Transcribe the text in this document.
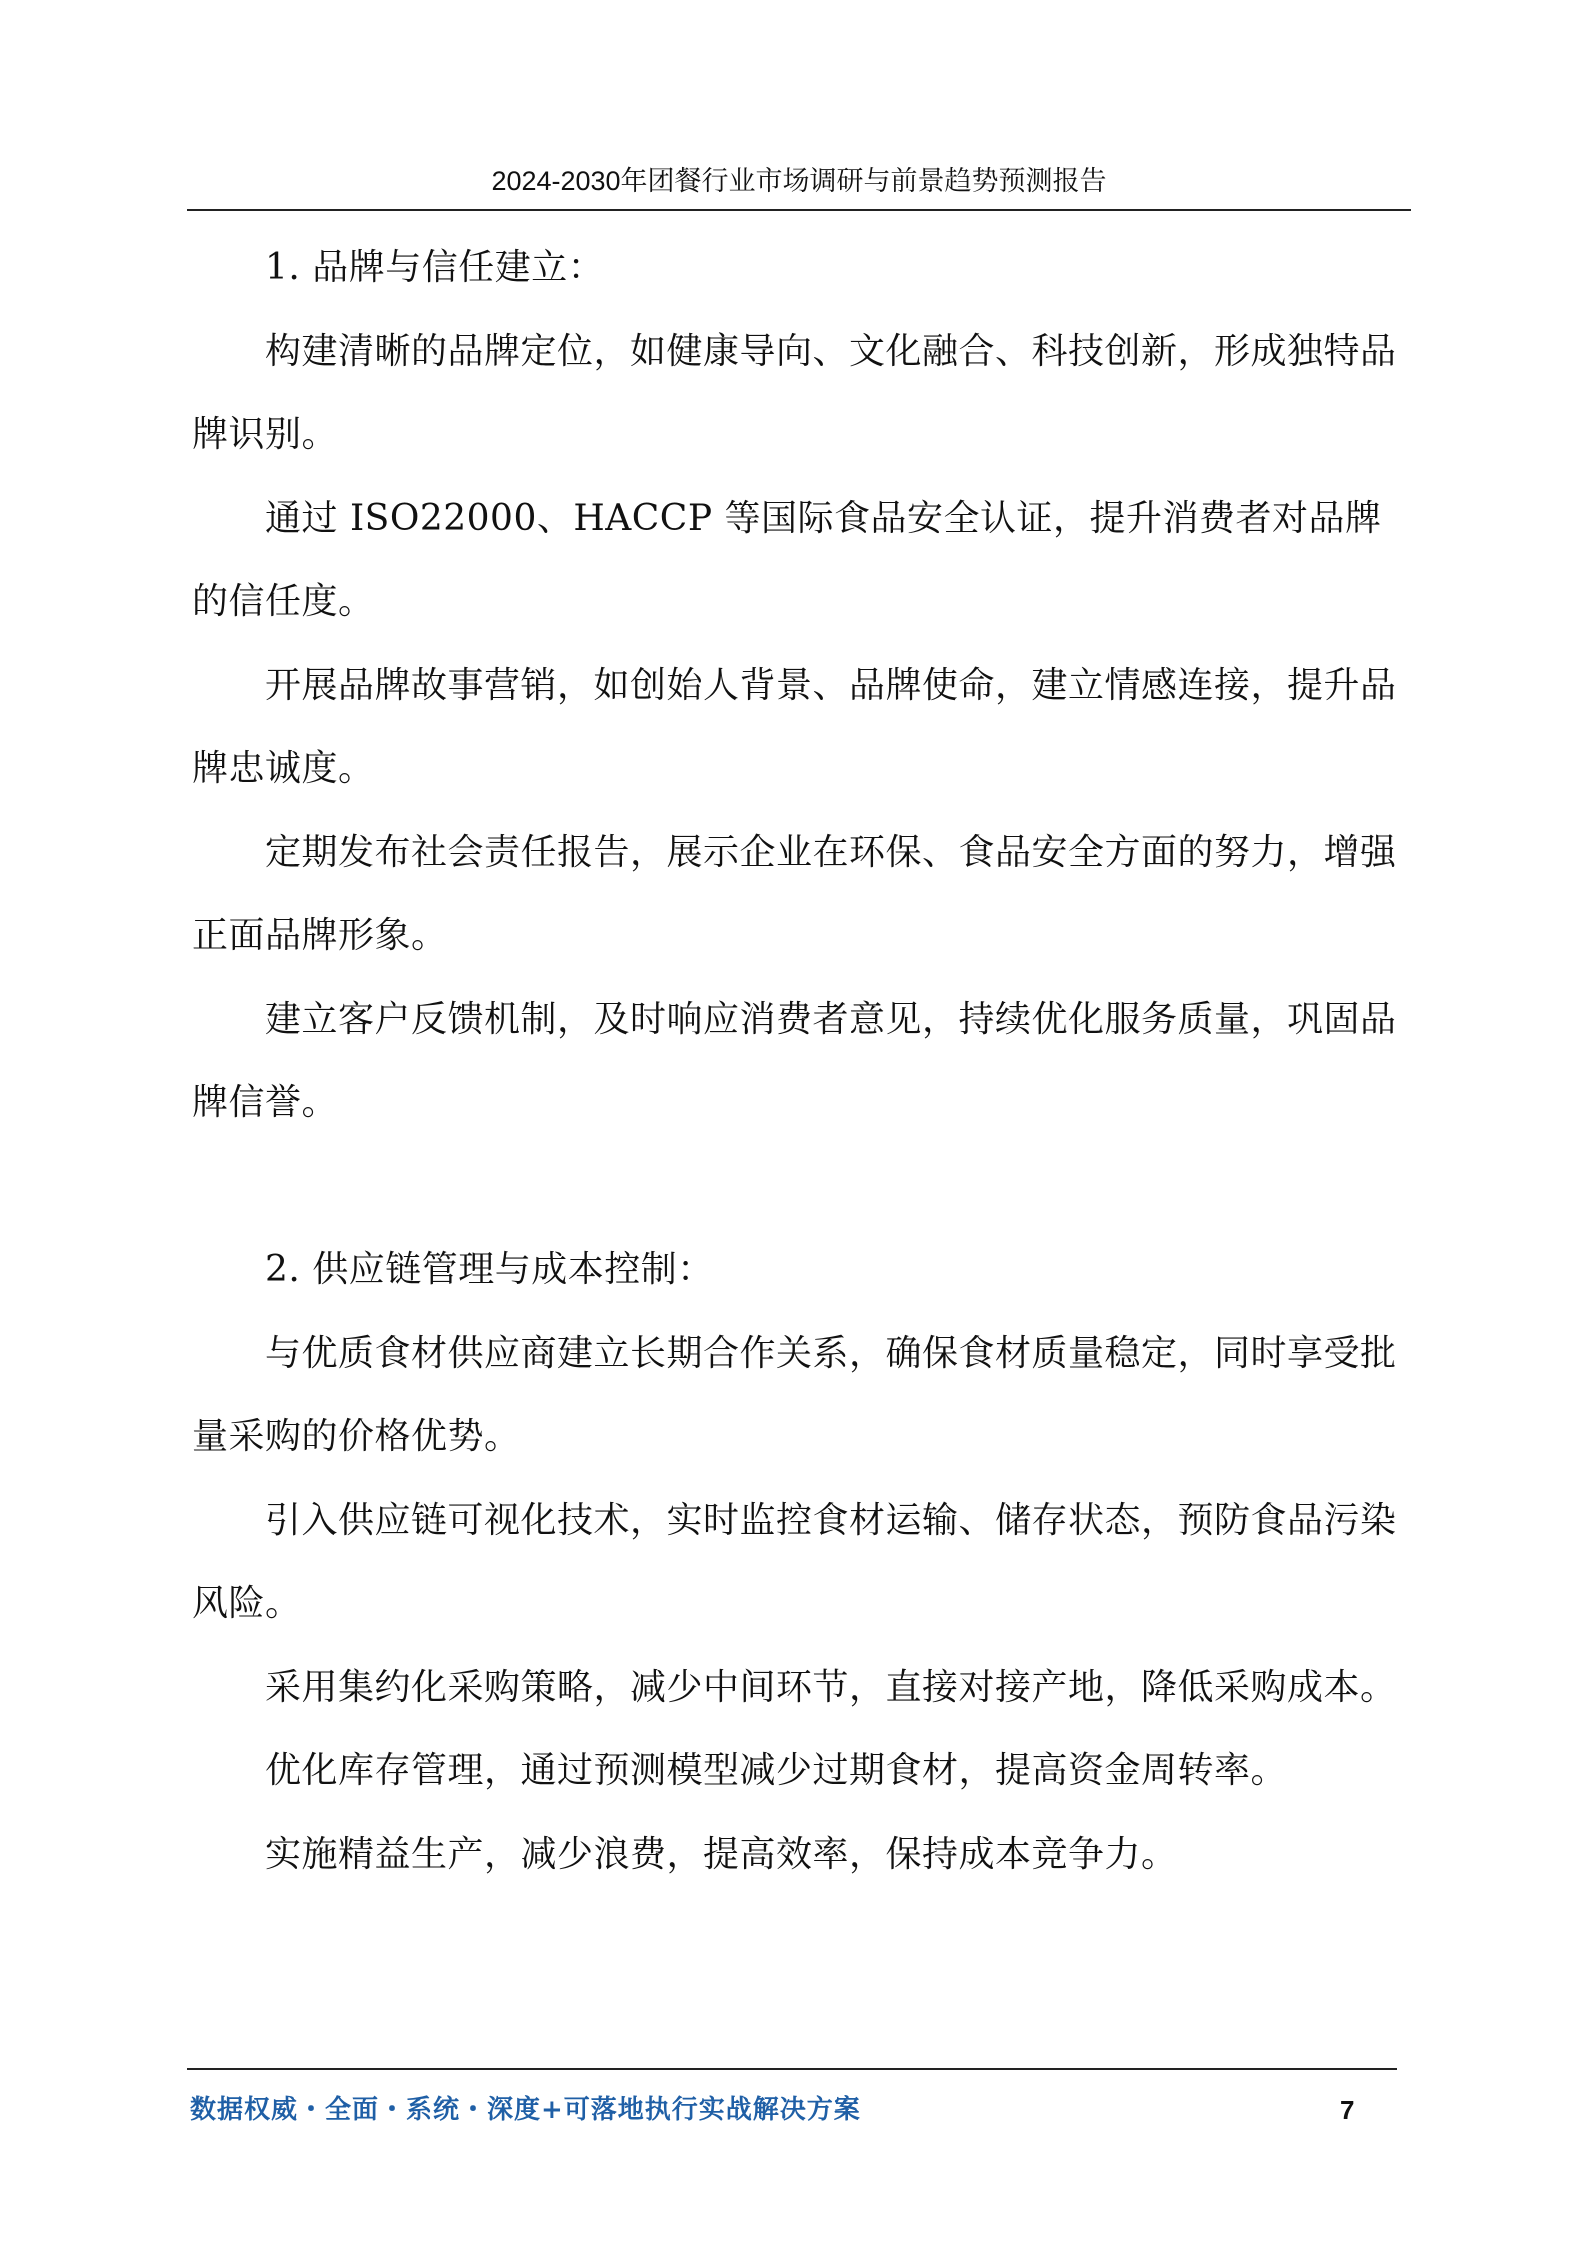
2024-2030年团餐行业市场调研与前景趋势预测报告

1. 品牌与信任建立：

构建清晰的品牌定位，如健康导向、文化融合、科技创新，形成独特品牌识别。

通过 ISO22000、HACCP 等国际食品安全认证，提升消费者对品牌的信任度。

开展品牌故事营销，如创始人背景、品牌使命，建立情感连接，提升品牌忠诚度。

定期发布社会责任报告，展示企业在环保、食品安全方面的努力，增强正面品牌形象。

建立客户反馈机制，及时响应消费者意见，持续优化服务质量，巩固品牌信誉。

2. 供应链管理与成本控制：

与优质食材供应商建立长期合作关系，确保食材质量稳定，同时享受批量采购的价格优势。

引入供应链可视化技术，实时监控食材运输、储存状态，预防食品污染风险。

采用集约化采购策略，减少中间环节，直接对接产地，降低采购成本。

优化库存管理，通过预测模型减少过期食材，提高资金周转率。

实施精益生产，减少浪费，提高效率，保持成本竞争力。

数据权威・全面・系统・深度+可落地执行实战解决方案	7
